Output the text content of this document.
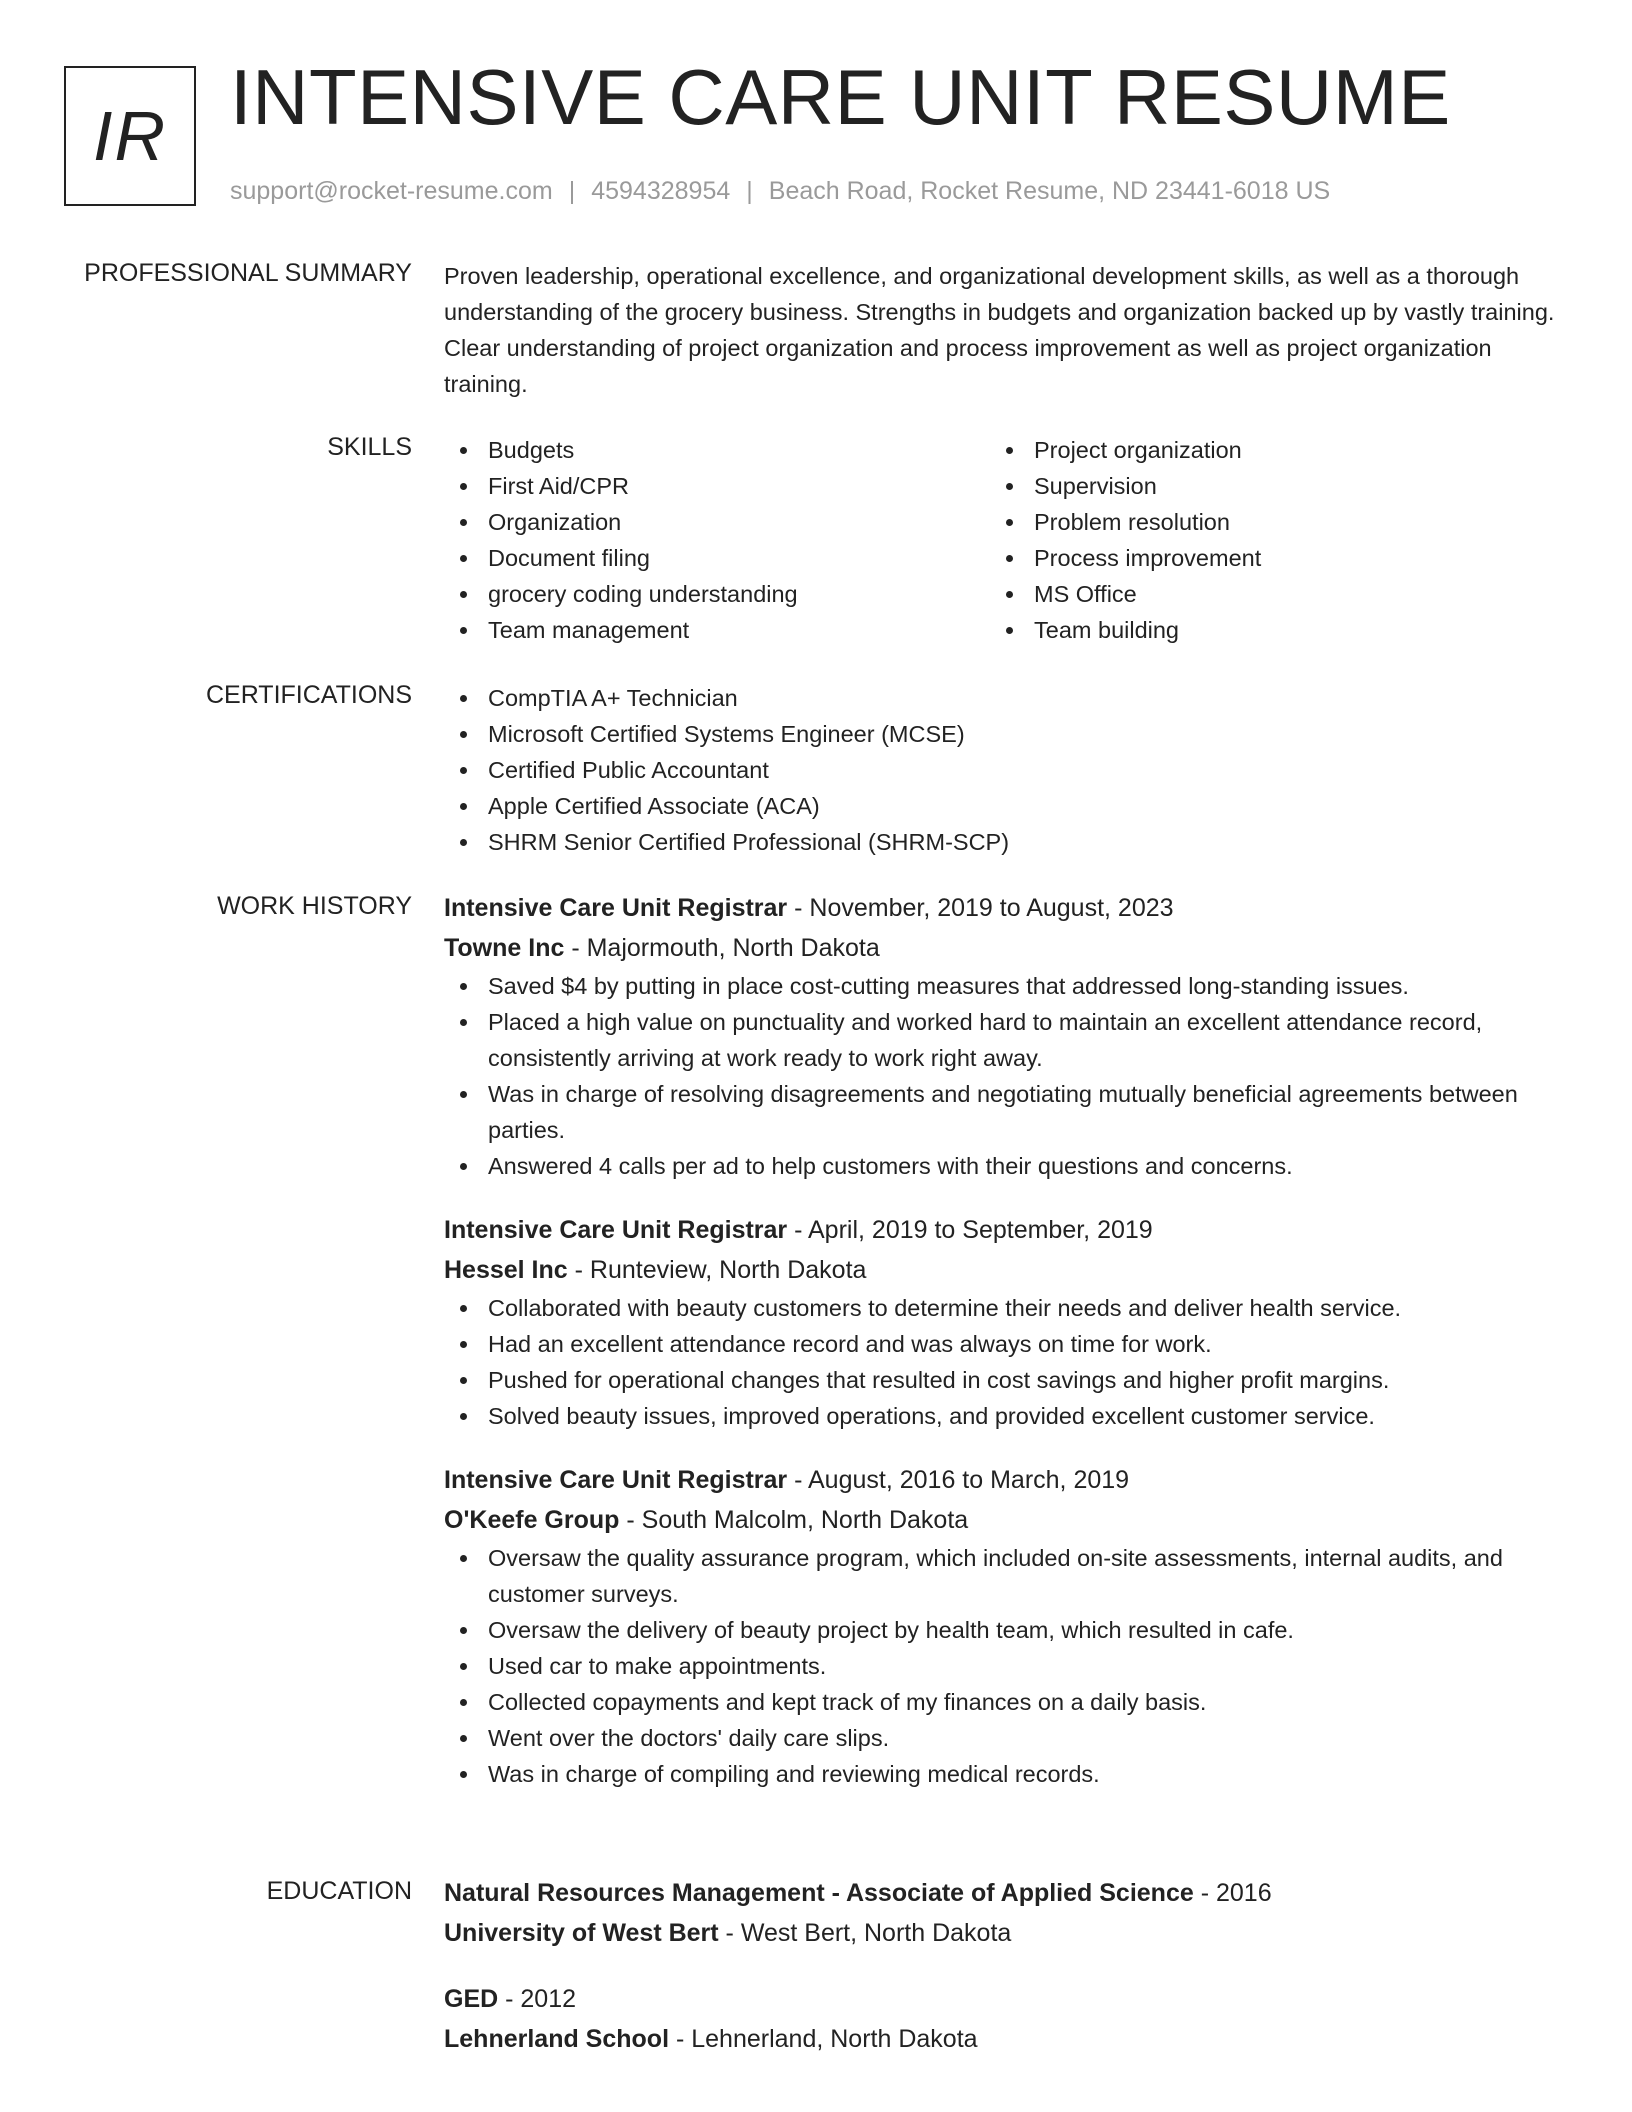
IR INTENSIVE CARE UNIT RESUME
support@rocket-resume.com | 4594328954 | Beach Road, Rocket Resume, ND 23441-6018 US
PROFESSIONAL SUMMARY Proven leadership, operational excellence, and organizational development skills, as well as a thorough understanding of the grocery business. Strengths in budgets and organization backed up by vastly training. Clear understanding of project organization and process improvement as well as project organization training.

SKILLS	Budgets
First Aid/CPR
Organization
Document filing
grocery coding understanding
Team management
Project organization
Supervision
Problem resolution
Process improvement
MS Office
Team building
CERTIFICATIONS	CompTIA A+ Technician
Microsoft Certified Systems Engineer (MCSE)
Certified Public Accountant
Apple Certified Associate (ACA)
SHRM Senior Certified Professional (SHRM-SCP)
WORK HISTORY Intensive Care Unit Registrar - November, 2019 to August, 2023
Towne Inc - Majormouth, North Dakota
Saved $4 by putting in place cost-cutting measures that addressed long-standing issues.
Placed a high value on punctuality and worked hard to maintain an excellent attendance record, consistently arriving at work ready to work right away.
Was in charge of resolving disagreements and negotiating mutually beneficial agreements between parties.
Answered 4 calls per ad to help customers with their questions and concerns.
Intensive Care Unit Registrar - April, 2019 to September, 2019
Hessel Inc - Runteview, North Dakota
Collaborated with beauty customers to determine their needs and deliver health service.
Had an excellent attendance record and was always on time for work.
Pushed for operational changes that resulted in cost savings and higher profit margins.
Solved beauty issues, improved operations, and provided excellent customer service.
Intensive Care Unit Registrar - August, 2016 to March, 2019
O'Keefe Group - South Malcolm, North Dakota
Oversaw the quality assurance program, which included on-site assessments, internal audits, and customer surveys.
Oversaw the delivery of beauty project by health team, which resulted in cafe.
Used car to make appointments.
Collected copayments and kept track of my finances on a daily basis.
Went over the doctors' daily care slips.
Was in charge of compiling and reviewing medical records.
EDUCATION Natural Resources Management - Associate of Applied Science - 2016
University of West Bert - West Bert, North Dakota
GED - 2012
Lehnerland School - Lehnerland, North Dakota
